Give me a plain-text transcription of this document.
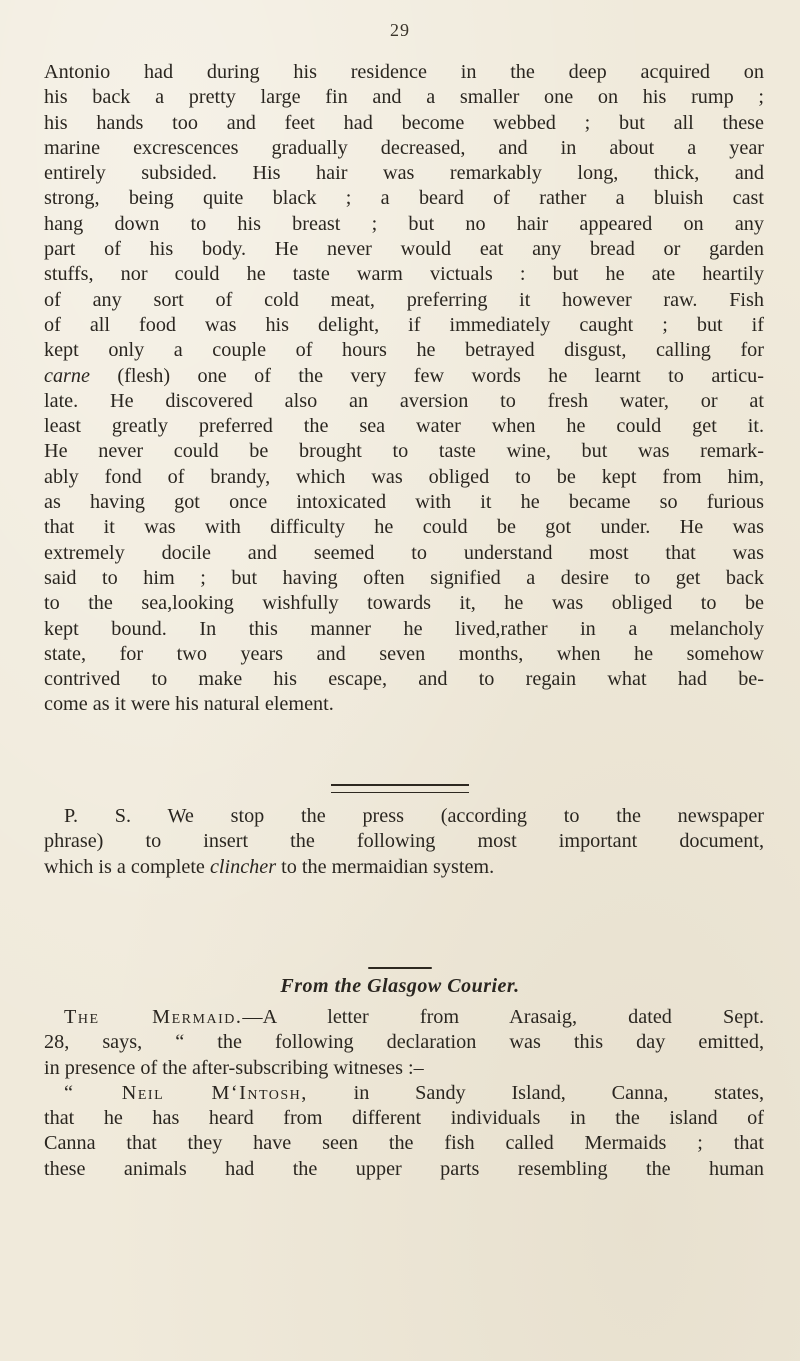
29
Antonio had during his residence in the deep acquired on
his back a pretty large fin and a smaller one on his rump ;
his hands too and feet had become webbed ; but all these
marine excrescences gradually decreased, and in about a year
entirely subsided. His hair was remarkably long, thick, and
strong, being quite black ; a beard of rather a bluish cast
hang down to his breast ; but no hair appeared on any
part of his body. He never would eat any bread or garden
stuffs, nor could he taste warm victuals : but he ate heartily
of any sort of cold meat, preferring it however raw. Fish
of all food was his delight, if immediately caught ; but if
kept only a couple of hours he betrayed disgust, calling for
carne (flesh) one of the very few words he learnt to articu-
late. He discovered also an aversion to fresh water, or at
least greatly preferred the sea water when he could get it.
He never could be brought to taste wine, but was remark-
ably fond of brandy, which was obliged to be kept from him,
as having got once intoxicated with it he became so furious
that it was with difficulty he could be got under. He was
extremely docile and seemed to understand most that was
said to him ; but having often signified a desire to get back
to the sea,looking wishfully towards it, he was obliged to be
kept bound. In this manner he lived,rather in a melancholy
state, for two years and seven months, when he somehow
contrived to make his escape, and to regain what had be-
come as it were his natural element.
P. S. We stop the press (according to the newspaper
phrase) to insert the following most important document,
which is a complete clincher to the mermaidian system.
From the Glasgow Courier.
The Mermaid.—A letter from Arasaig, dated Sept.
28, says, “ the following declaration was this day emitted,
in presence of the after-subscribing witneses :–
“ Neil M‘Intosh, in Sandy Island, Canna, states,
that he has heard from different individuals in the island of
Canna that they have seen the fish called Mermaids ; that
these animals had the upper parts resembling the human
